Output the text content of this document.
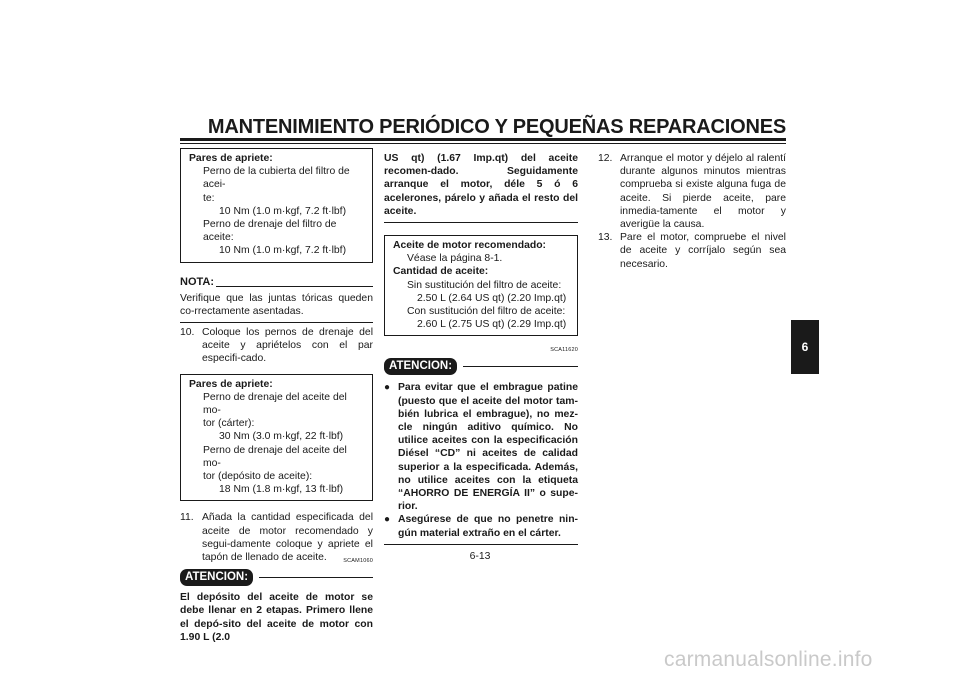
MANTENIMIENTO PERIÓDICO Y PEQUEÑAS REPARACIONES
Pares de apriete:
Perno de la cubierta del filtro de acei-
te:
10 Nm (1.0 m·kgf, 7.2 ft·lbf)
Perno de drenaje del filtro de aceite:
10 Nm (1.0 m·kgf, 7.2 ft·lbf)
NOTA:
Verifique que las juntas tóricas queden co-rrectamente asentadas.
10. Coloque los pernos de drenaje del aceite y apriételos con el par especifi-cado.
Pares de apriete:
Perno de drenaje del aceite del mo-
tor (cárter):
30 Nm (3.0 m·kgf, 22 ft·lbf)
Perno de drenaje del aceite del mo-
tor (depósito de aceite):
18 Nm (1.8 m·kgf, 13 ft·lbf)
11. Añada la cantidad especificada del aceite de motor recomendado y segui-damente coloque y apriete el tapón de llenado de aceite.	SCAM1060
ATENCION:
El depósito del aceite de motor se debe llenar en 2 etapas. Primero llene el depó-sito del aceite de motor con 1.90 L (2.0
US qt) (1.67 Imp.qt) del aceite recomen-dado. Seguidamente arranque el motor, déle 5 ó 6 acelerones, párelo y añada el resto del aceite.
Aceite de motor recomendado:
Véase la página 8-1.
Cantidad de aceite:
Sin sustitución del filtro de aceite:
2.50 L (2.64 US qt) (2.20 Imp.qt)
Con sustitución del filtro de aceite:
2.60 L (2.75 US qt) (2.29 Imp.qt)
SCA11620
ATENCION:
● Para evitar que el embrague patine (puesto que el aceite del motor tam-bién lubrica el embrague), no mez-cle ningún aditivo químico. No utilice aceites con la especificación Diésel “CD” ni aceites de calidad superior a la especificada. Además, no utilice aceites con la etiqueta “AHORRO DE ENERGÍA II” o supe-rior.
● Asegúrese de que no penetre nin-gún material extraño en el cárter.
12. Arranque el motor y déjelo al ralentí durante algunos minutos mientras comprueba si existe alguna fuga de aceite. Si pierde aceite, pare inmedia-tamente el motor y averigüe la causa.
13. Pare el motor, compruebe el nivel de aceite y corríjalo según sea necesario.
6-13
6
carmanualsonline.info
